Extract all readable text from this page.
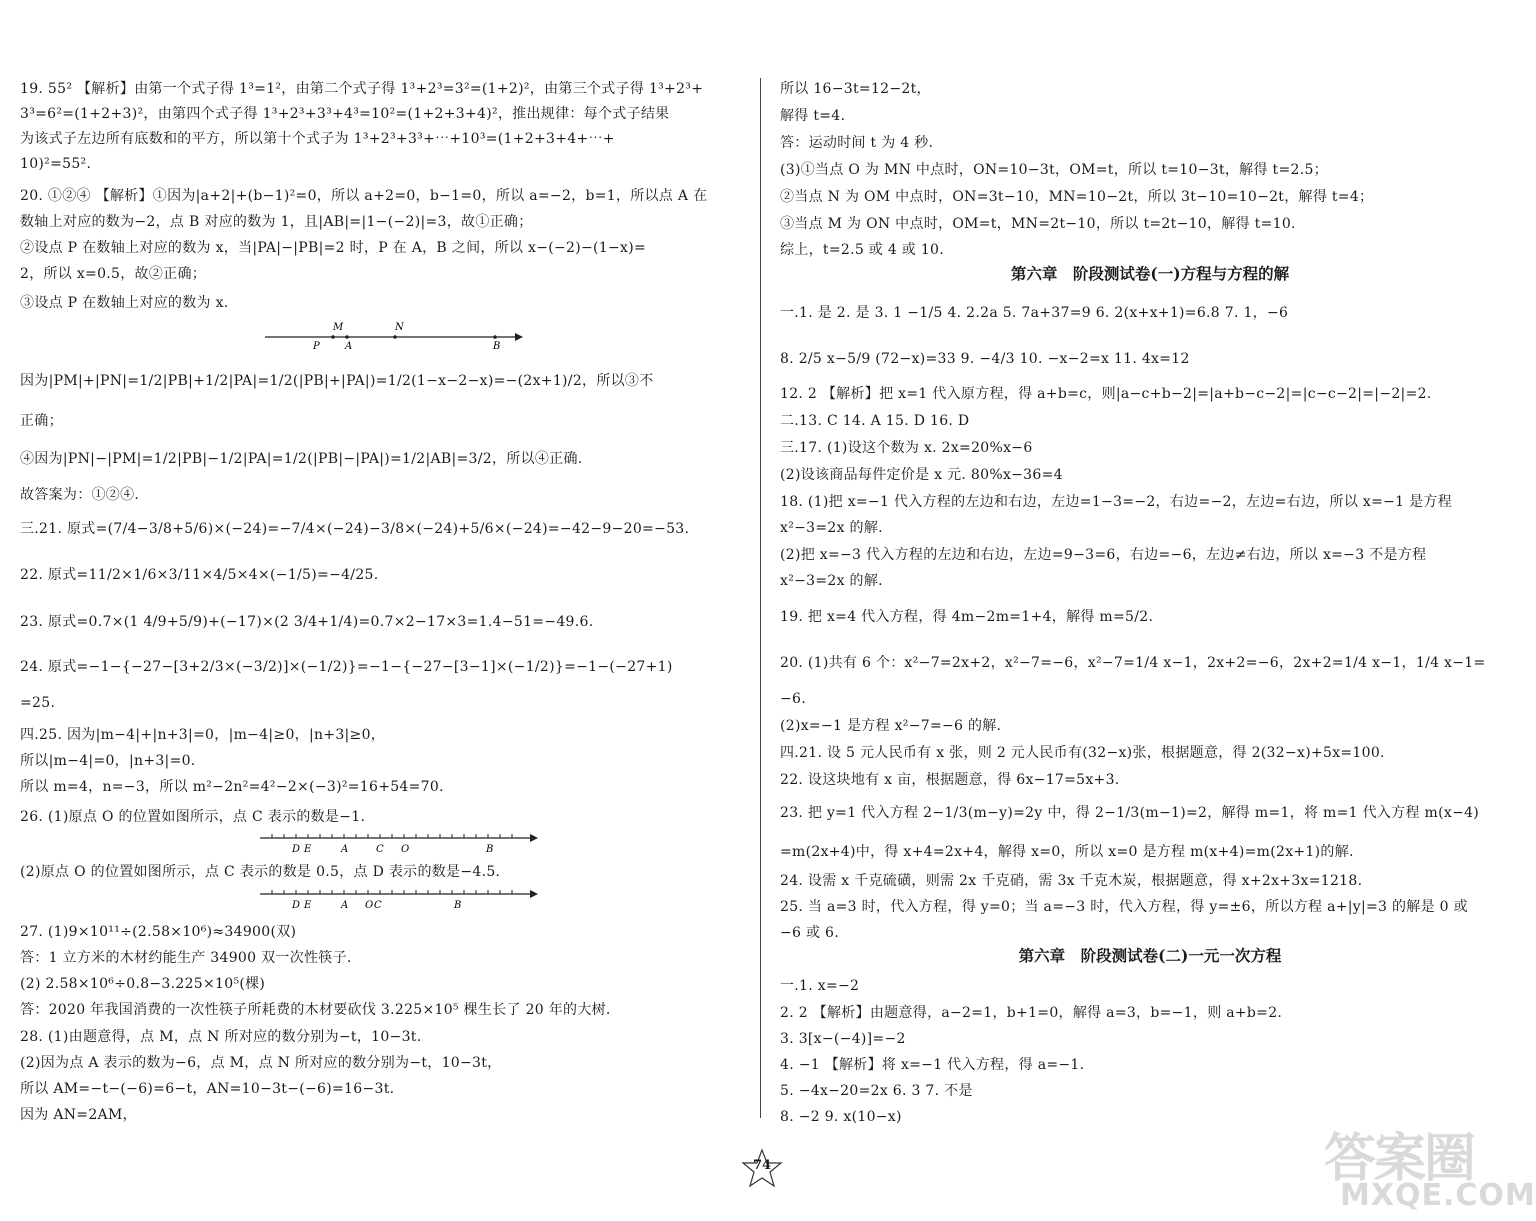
19. 55² 【解析】由第一个式子得 1³=1²，由第二个式子得 1³+2³=3²=(1+2)²，由第三个式子得 1³+2³+
3³=6²=(1+2+3)²，由第四个式子得 1³+2³+3³+4³=10²=(1+2+3+4)²，推出规律：每个式子结果
为该式子左边所有底数和的平方，所以第十个式子为 1³+2³+3³+⋯+10³=(1+2+3+4+⋯+
10)²=55².
20. ①②④ 【解析】①因为|a+2|+(b−1)²=0，所以 a+2=0，b−1=0，所以 a=−2，b=1，所以点 A 在
数轴上对应的数为−2，点 B 对应的数为 1，且|AB|=|1−(−2)|=3，故①正确；
②设点 P 在数轴上对应的数为 x，当|PA|−|PB|=2 时，P 在 A，B 之间，所以 x−(−2)−(1−x)=
2，所以 x=0.5，故②正确；
③设点 P 在数轴上对应的数为 x.
M	N
P	A	B
因为|PM|+|PN|=1/2|PB|+1/2|PA|=1/2(|PB|+|PA|)=1/2(1−x−2−x)=−(2x+1)/2，所以③不
正确；
④因为|PN|−|PM|=1/2|PB|−1/2|PA|=1/2(|PB|−|PA|)=1/2|AB|=3/2，所以④正确.
故答案为：①②④.
三.21. 原式=(7/4−3/8+5/6)×(−24)=−7/4×(−24)−3/8×(−24)+5/6×(−24)=−42−9−20=−53.
22. 原式=11/2×1/6×3/11×4/5×4×(−1/5)=−4/25.
23. 原式=0.7×(1 4/9+5/9)+(−17)×(2 3/4+1/4)=0.7×2−17×3=1.4−51=−49.6.
24. 原式=−1−{−27−[3+2/3×(−3/2)]×(−1/2)}=−1−{−27−[3−1]×(−1/2)}=−1−(−27+1)
=25.
四.25. 因为|m−4|+|n+3|=0，|m−4|≥0，|n+3|≥0，
所以|m−4|=0，|n+3|=0.
所以 m=4，n=−3，所以 m²−2n²=4²−2×(−3)²=16+54=70.
26. (1)原点 O 的位置如图所示，点 C 表示的数是−1.
D E	A	C O	B
(2)原点 O 的位置如图所示，点 C 表示的数是 0.5，点 D 表示的数是−4.5.
D E	A O C	B
27. (1)9×10¹¹÷(2.58×10⁶)≈34900(双)
答：1 立方米的木材约能生产 34900 双一次性筷子.
(2) 2.58×10⁶÷0.8−3.225×10⁵(棵)
答：2020 年我国消费的一次性筷子所耗费的木材要砍伐 3.225×10⁵ 棵生长了 20 年的大树.
28. (1)由题意得，点 M，点 N 所对应的数分别为−t，10−3t.
(2)因为点 A 表示的数为−6，点 M，点 N 所对应的数分别为−t，10−3t，
所以 AM=−t−(−6)=6−t，AN=10−3t−(−6)=16−3t.
因为 AN=2AM，
所以 16−3t=12−2t，
解得 t=4.
答：运动时间 t 为 4 秒.
(3)①当点 O 为 MN 中点时，ON=10−3t，OM=t，所以 t=10−3t，解得 t=2.5；
②当点 N 为 OM 中点时，ON=3t−10，MN=10−2t，所以 3t−10=10−2t，解得 t=4；
③当点 M 为 ON 中点时，OM=t，MN=2t−10，所以 t=2t−10，解得 t=10.
综上，t=2.5 或 4 或 10.
第六章　阶段测试卷(一)方程与方程的解
一.1. 是 2. 是 3. 1 −1/5 4. 2.2a 5. 7a+37=9 6. 2(x+x+1)=6.8 7. 1，−6
8. 2/5 x−5/9 (72−x)=33 9. −4/3 10. −x−2=x 11. 4x=12
12. 2 【解析】把 x=1 代入原方程，得 a+b=c，则|a−c+b−2|=|a+b−c−2|=|c−c−2|=|−2|=2.
二.13. C 14. A 15. D 16. D
三.17. (1)设这个数为 x. 2x=20%x−6
(2)设该商品每件定价是 x 元. 80%x−36=4
18. (1)把 x=−1 代入方程的左边和右边，左边=1−3=−2，右边=−2，左边=右边，所以 x=−1 是方程
x²−3=2x 的解.
(2)把 x=−3 代入方程的左边和右边，左边=9−3=6，右边=−6，左边≠右边，所以 x=−3 不是方程
x²−3=2x 的解.
19. 把 x=4 代入方程，得 4m−2m=1+4，解得 m=5/2.
20. (1)共有 6 个：x²−7=2x+2，x²−7=−6，x²−7=1/4 x−1，2x+2=−6，2x+2=1/4 x−1，1/4 x−1=
−6.
(2)x=−1 是方程 x²−7=−6 的解.
四.21. 设 5 元人民币有 x 张，则 2 元人民币有(32−x)张，根据题意，得 2(32−x)+5x=100.
22. 设这块地有 x 亩，根据题意，得 6x−17=5x+3.
23. 把 y=1 代入方程 2−1/3(m−y)=2y 中，得 2−1/3(m−1)=2，解得 m=1，将 m=1 代入方程 m(x−4)
=m(2x+4)中，得 x+4=2x+4，解得 x=0，所以 x=0 是方程 m(x+4)=m(2x+1)的解.
24. 设需 x 千克硫磺，则需 2x 千克硝，需 3x 千克木炭，根据题意，得 x+2x+3x=1218.
25. 当 a=3 时，代入方程，得 y=0；当 a=−3 时，代入方程，得 y=±6，所以方程 a+|y|=3 的解是 0 或
−6 或 6.
第六章　阶段测试卷(二)一元一次方程
一.1. x=−2
2. 2 【解析】由题意得，a−2=1，b+1=0，解得 a=3，b=−1，则 a+b=2.
3. 3[x−(−4)]=−2
4. −1 【解析】将 x=−1 代入方程，得 a=−1.
5. −4x−20=2x 6. 3 7. 不是
8. −2 9. x(10−x)
74	答案圈
MXQE.COM
